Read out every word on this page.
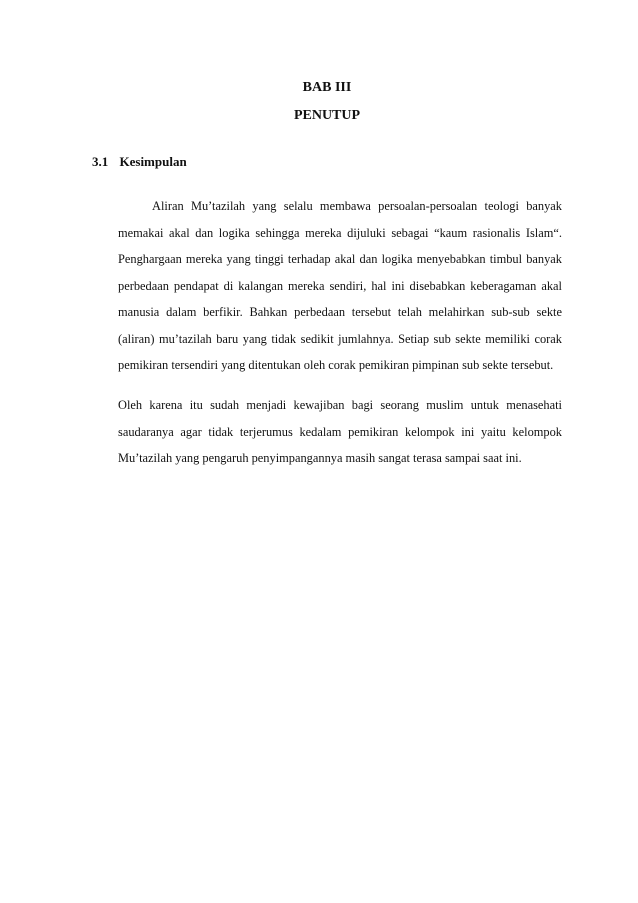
BAB III
PENUTUP
3.1 Kesimpulan

Aliran Mu’tazilah yang selalu membawa persoalan-persoalan teologi banyak memakai akal dan logika sehingga mereka dijuluki sebagai “kaum rasionalis Islam“. Penghargaan mereka yang tinggi terhadap akal dan logika menyebabkan timbul banyak perbedaan pendapat di kalangan mereka sendiri, hal ini disebabkan keberagaman akal manusia dalam berfikir. Bahkan perbedaan tersebut telah melahirkan sub-sub sekte (aliran) mu’tazilah baru yang tidak sedikit jumlahnya. Setiap sub sekte memiliki corak pemikiran tersendiri yang ditentukan oleh corak pemikiran pimpinan sub sekte tersebut.

Oleh karena itu sudah menjadi kewajiban bagi seorang muslim untuk menasehati saudaranya agar tidak terjerumus kedalam pemikiran kelompok ini yaitu kelompok Mu’tazilah yang pengaruh penyimpangannya masih sangat terasa sampai saat ini.
